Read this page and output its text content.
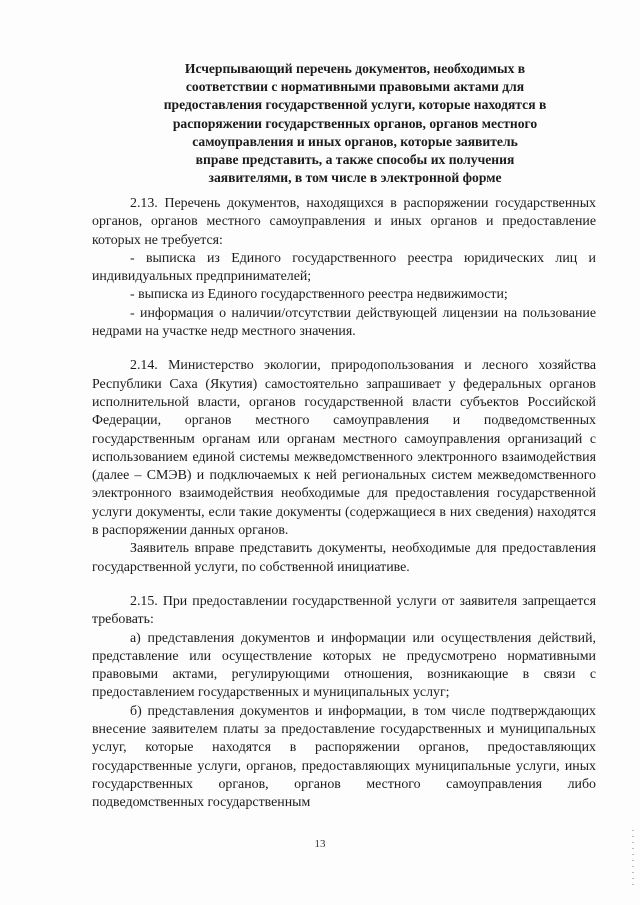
Исчерпывающий перечень документов, необходимых в
соответствии с нормативными правовыми актами для
предоставления государственной услуги, которые находятся в
распоряжении государственных органов, органов местного
самоуправления и иных органов, которые заявитель
вправе представить, а также способы их получения
заявителями, в том числе в электронной форме

2.13. Перечень документов, находящихся в распоряжении государственных органов, органов местного самоуправления и иных органов и предоставление которых не требуется:

- выписка из Единого государственного реестра юридических лиц и индивидуальных предпринимателей;

- выписка из Единого государственного реестра недвижимости;

- информация о наличии/отсутствии действующей лицензии на пользование недрами на участке недр местного значения.

2.14. Министерство экологии, природопользования и лесного хозяйства Республики Саха (Якутия) самостоятельно запрашивает у федеральных органов исполнительной власти, органов государственной власти субъектов Российской Федерации, органов местного самоуправления и подведомственных государственным органам или органам местного самоуправления организаций с использованием единой системы межведомственного электронного взаимодействия (далее – СМЭВ) и подключаемых к ней региональных систем межведомственного электронного взаимодействия необходимые для предоставления государственной услуги документы, если такие документы (содержащиеся в них сведения) находятся в распоряжении данных органов.

Заявитель вправе представить документы, необходимые для предоставления государственной услуги, по собственной инициативе.

2.15. При предоставлении государственной услуги от заявителя запрещается требовать:

а) представления документов и информации или осуществления действий, представление или осуществление которых не предусмотрено нормативными правовыми актами, регулирующими отношения, возникающие в связи с предоставлением государственных и муниципальных услуг;

б) представления документов и информации, в том числе подтверждающих внесение заявителем платы за предоставление государственных и муниципальных услуг, которые находятся в распоряжении органов, предоставляющих государственные услуги, органов, предоставляющих муниципальные услуги, иных государственных органов, органов местного самоуправления либо подведомственных государственным

13
